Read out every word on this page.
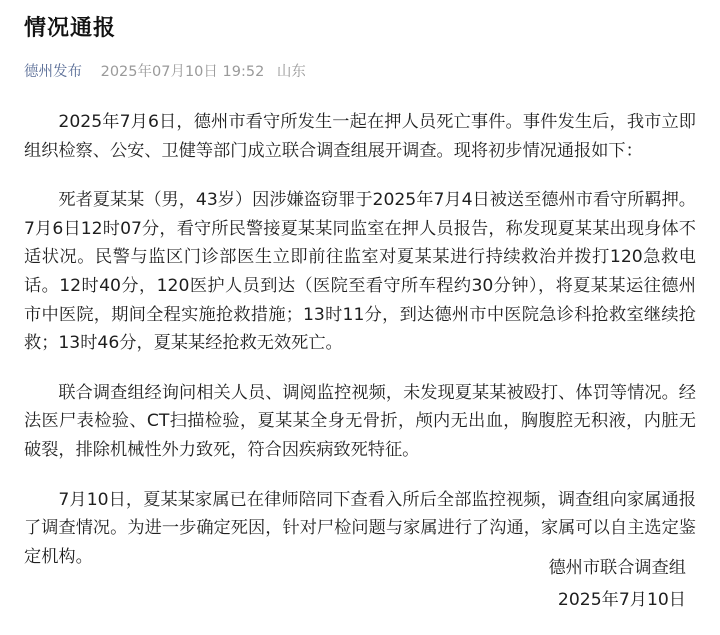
情况通报
德州发布 2025年07月10日 19:52 山东

2025年7月6日，德州市看守所发生一起在押人员死亡事件。事件发生后，我市立即组织检察、公安、卫健等部门成立联合调查组展开调查。现将初步情况通报如下：

死者夏某某（男，43岁）因涉嫌盗窃罪于2025年7月4日被送至德州市看守所羁押。7月6日12时07分，看守所民警接夏某某同监室在押人员报告，称发现夏某某出现身体不适状况。民警与监区门诊部医生立即前往监室对夏某某进行持续救治并拨打120急救电话。12时40分，120医护人员到达（医院至看守所车程约30分钟），将夏某某运往德州市中医院，期间全程实施抢救措施；13时11分，到达德州市中医院急诊科抢救室继续抢救；13时46分，夏某某经抢救无效死亡。

联合调查组经询问相关人员、调阅监控视频，未发现夏某某被殴打、体罚等情况。经法医尸表检验、CT扫描检验，夏某某全身无骨折，颅内无出血，胸腹腔无积液，内脏无破裂，排除机械性外力致死，符合因疾病致死特征。

7月10日，夏某某家属已在律师陪同下查看入所后全部监控视频，调查组向家属通报了调查情况。为进一步确定死因，针对尸检问题与家属进行了沟通，家属可以自主选定鉴定机构。

德州市联合调查组
2025年7月10日
